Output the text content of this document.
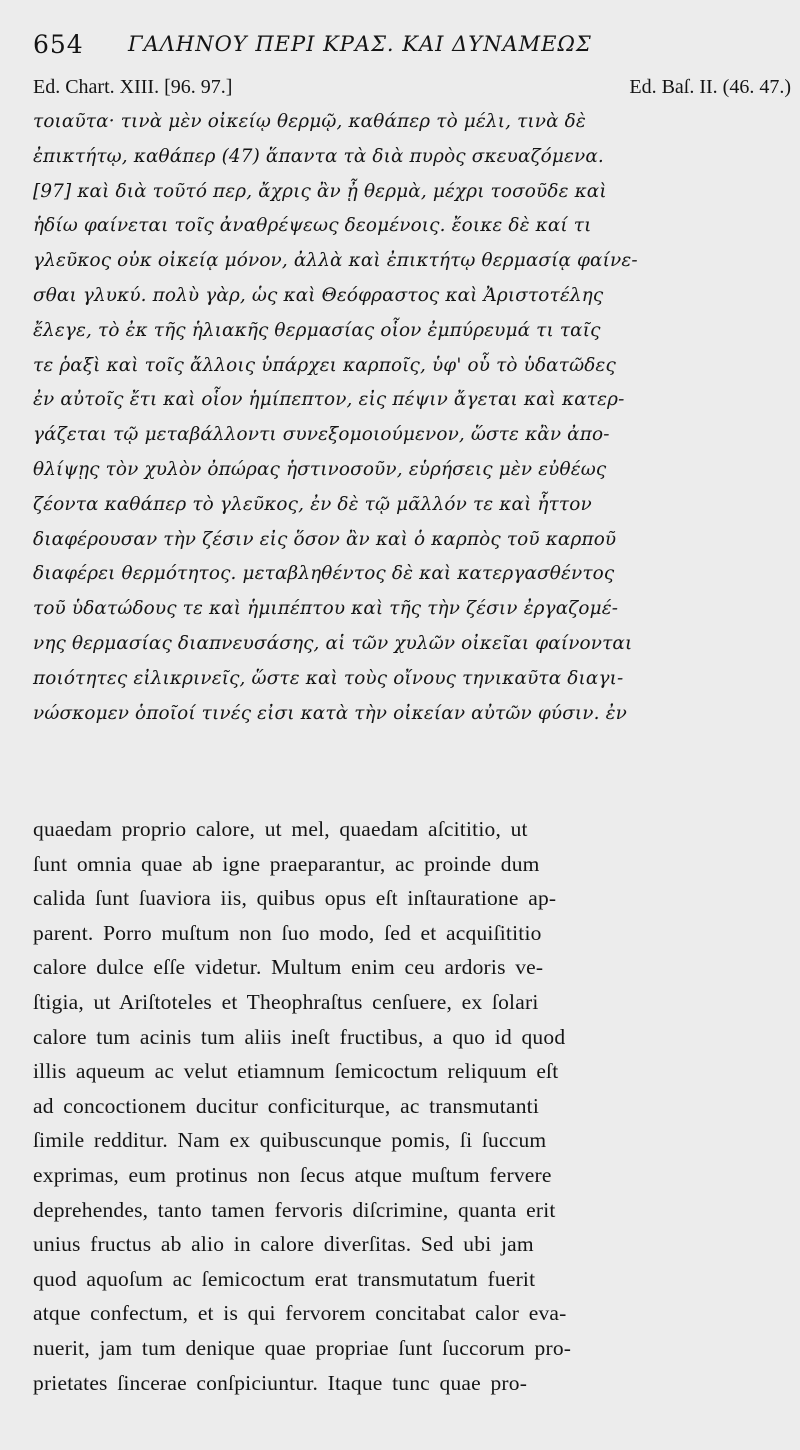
654 ΓΑΛΗΝΟΥ ΠΕΡΙ ΚΡΑΣ. ΚΑΙ ΔΥΝΑΜΕΩΣ
Ed. Chart. XIII. [96. 97.]	Ed. Baſ. II. (46. 47.)
τοιαῦτα· τινὰ μὲν οἰκείῳ θερμῷ, καθάπερ τὸ μέλι, τινὰ δὲ
ἐπικτήτῳ, καθάπερ (47) ἅπαντα τὰ διὰ πυρὸς σκευαζόμενα.
[97] καὶ διὰ τοῦτό περ, ἄχρις ἂν ᾖ θερμὰ, μέχρι τοσοῦδε καὶ
ἡδίω φαίνεται τοῖς ἀναθρέψεως δεομένοις. ἔοικε δὲ καί τι
γλεῦκος οὐκ οἰκείᾳ μόνον, ἀλλὰ καὶ ἐπικτήτῳ θερμασίᾳ φαίνε-
σθαι γλυκύ. πολὺ γὰρ, ὡς καὶ Θεόφραστος καὶ Ἀριστοτέλης
ἔλεγε, τὸ ἐκ τῆς ἡλιακῆς θερμασίας οἷον ἐμπύρευμά τι ταῖς
τε ῥαξὶ καὶ τοῖς ἄλλοις ὑπάρχει καρποῖς, ὑφ' οὗ τὸ ὑδατῶδες
ἐν αὐτοῖς ἔτι καὶ οἷον ἡμίπεπτον, εἰς πέψιν ἄγεται καὶ κατερ-
γάζεται τῷ μεταβάλλοντι συνεξομοιούμενον, ὥστε κἂν ἀπο-
θλίψῃς τὸν χυλὸν ὀπώρας ἡστινοσοῦν, εὑρήσεις μὲν εὐθέως
ζέοντα καθάπερ τὸ γλεῦκος, ἐν δὲ τῷ μᾶλλόν τε καὶ ἧττον
διαφέρουσαν τὴν ζέσιν εἰς ὅσον ἂν καὶ ὁ καρπὸς τοῦ καρποῦ
διαφέρει θερμότητος. μεταβληθέντος δὲ καὶ κατεργασθέντος
τοῦ ὑδατώδους τε καὶ ἡμιπέπτου καὶ τῆς τὴν ζέσιν ἐργαζομέ-
νης θερμασίας διαπνευσάσης, αἱ τῶν χυλῶν οἰκεῖαι φαίνονται
ποιότητες εἰλικρινεῖς, ὥστε καὶ τοὺς οἴνους τηνικαῦτα διαγι-
νώσκομεν ὁποῖοί τινές εἰσι κατὰ τὴν οἰκείαν αὐτῶν φύσιν. ἐν
quaedam proprio calore, ut mel, quaedam aſcititio, ut
ſunt omnia quae ab igne praeparantur, ac proinde dum
calida ſunt ſuaviora iis, quibus opus eſt inſtauratione ap-
parent. Porro muſtum non ſuo modo, ſed et acquiſititio
calore dulce eſſe videtur. Multum enim ceu ardoris ve-
ſtigia, ut Ariſtoteles et Theophraſtus cenſuere, ex ſolari
calore tum acinis tum aliis ineſt fructibus, a quo id quod
illis aqueum ac velut etiamnum ſemicoctum reliquum eſt
ad concoctionem ducitur conficiturque, ac transmutanti
ſimile redditur. Nam ex quibuscunque pomis, ſi ſuccum
exprimas, eum protinus non ſecus atque muſtum fervere
deprehendes, tanto tamen fervoris diſcrimine, quanta erit
unius fructus ab alio in calore diverſitas. Sed ubi jam
quod aquoſum ac ſemicoctum erat transmutatum fuerit
atque confectum, et is qui fervorem concitabat calor eva-
nuerit, jam tum denique quae propriae ſunt ſuccorum pro-
prietates ſincerae conſpiciuntur. Itaque tunc quae pro-
